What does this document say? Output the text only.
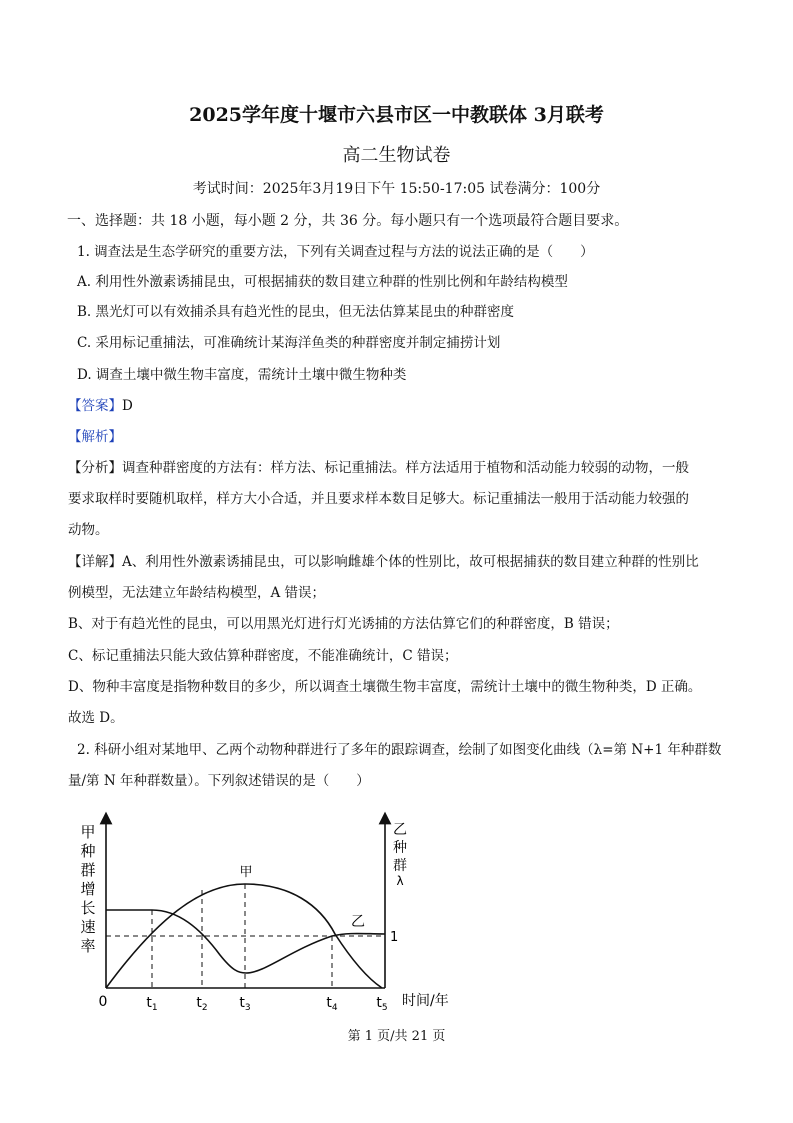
2025学年度十堰市六县市区一中教联体 3月联考
高二生物试卷
考试时间：2025年3月19日下午 15:50-17:05 试卷满分：100分
一、选择题：共 18 小题，每小题 2 分，共 36 分。每小题只有一个选项最符合题目要求。
1. 调查法是生态学研究的重要方法，下列有关调查过程与方法的说法正确的是（　　）
A. 利用性外激素诱捕昆虫，可根据捕获的数目建立种群的性别比例和年龄结构模型
B. 黑光灯可以有效捕杀具有趋光性的昆虫，但无法估算某昆虫的种群密度
C. 采用标记重捕法，可准确统计某海洋鱼类的种群密度并制定捕捞计划
D. 调查土壤中微生物丰富度，需统计土壤中微生物种类
【答案】D
【解析】
【分析】调查种群密度的方法有：样方法、标记重捕法。样方法适用于植物和活动能力较弱的动物，一般
要求取样时要随机取样，样方大小合适，并且要求样本数目足够大。标记重捕法一般用于活动能力较强的
动物。
【详解】A、利用性外激素诱捕昆虫，可以影响雌雄个体的性别比，故可根据捕获的数目建立种群的性别比
例模型，无法建立年龄结构模型，A 错误；
B、对于有趋光性的昆虫，可以用黑光灯进行灯光诱捕的方法估算它们的种群密度，B 错误；
C、标记重捕法只能大致估算种群密度，不能准确统计，C 错误；
D、物种丰富度是指物种数目的多少，所以调查土壤微生物丰富度，需统计土壤中的微生物种类，D 正确。
故选 D。
2. 科研小组对某地甲、乙两个动物种群进行了多年的跟踪调查，绘制了如图变化曲线（λ=第 N+1 年种群数
量/第 N 年种群数量）。下列叙述错误的是（　　）
甲
种
群
增
长
速
率
乙
种
群
λ
甲
乙
1
0	$t_1$	$t_2$ $t_3$	$t_4$	$t_5$ 时间/年
第 1 页/共 21 页
